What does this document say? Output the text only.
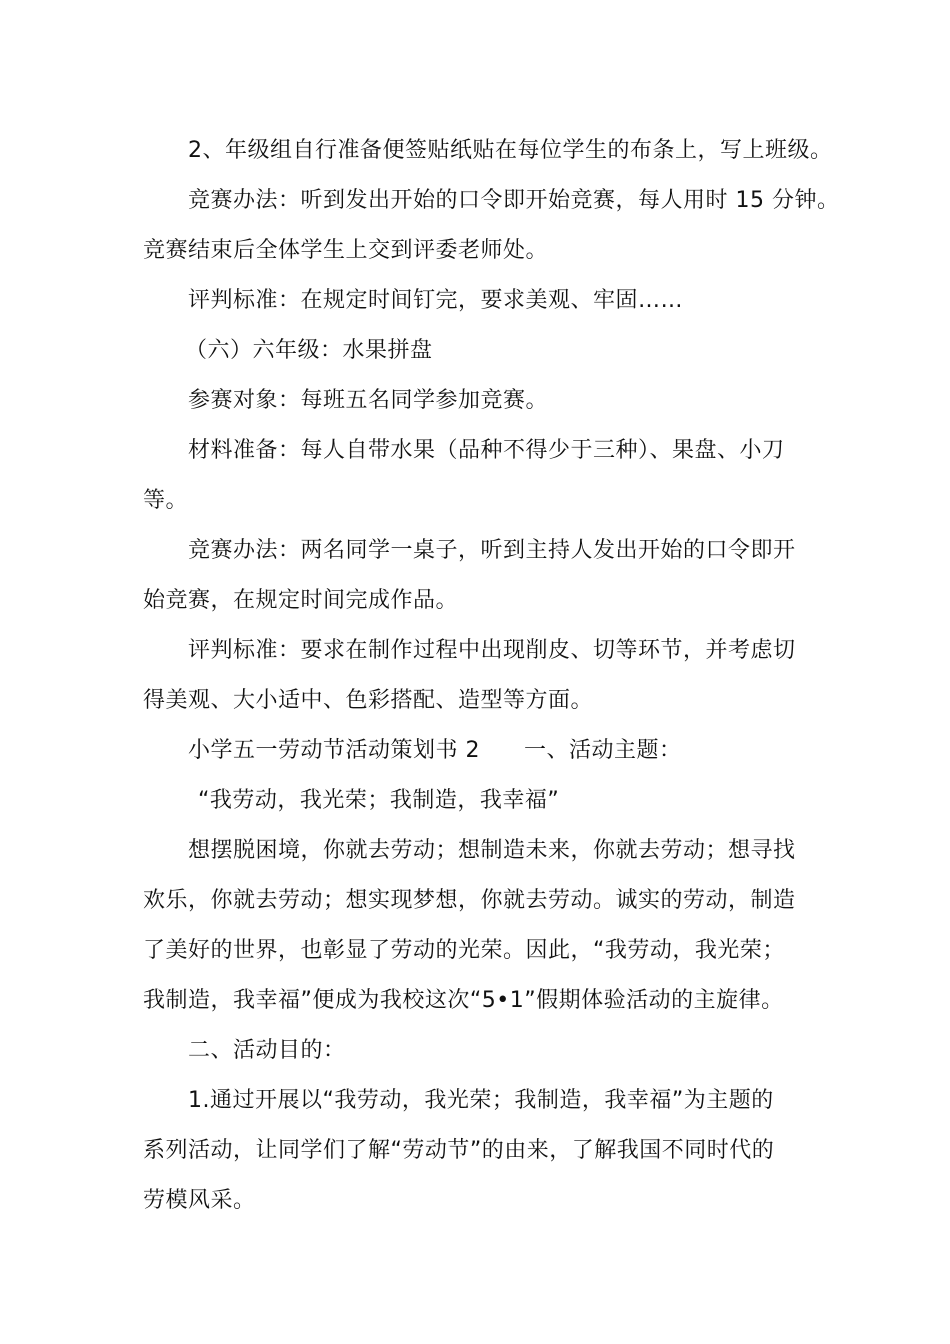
2、年级组自行准备便签贴纸贴在每位学生的布条上，写上班级。

竞赛办法：听到发出开始的口令即开始竞赛，每人用时 15 分钟。

竞赛结束后全体学生上交到评委老师处。

评判标准：在规定时间钉完，要求美观、牢固……

（六）六年级：水果拼盘

参赛对象：每班五名同学参加竞赛。

材料准备：每人自带水果（品种不得少于三种）、果盘、小刀

等。

竞赛办法：两名同学一桌子，听到主持人发出开始的口令即开

始竞赛，在规定时间完成作品。

评判标准：要求在制作过程中出现削皮、切等环节，并考虑切

得美观、大小适中、色彩搭配、造型等方面。

小学五一劳动节活动策划书 2 一、活动主题：

“我劳动，我光荣；我制造，我幸福”

想摆脱困境，你就去劳动；想制造未来，你就去劳动；想寻找

欢乐，你就去劳动；想实现梦想，你就去劳动。诚实的劳动，制造

了美好的世界，也彰显了劳动的光荣。因此，“我劳动，我光荣；

我制造，我幸福”便成为我校这次“5•1”假期体验活动的主旋律。

二、活动目的：

1.通过开展以“我劳动，我光荣；我制造，我幸福”为主题的

系列活动，让同学们了解“劳动节”的由来，了解我国不同时代的

劳模风采。
